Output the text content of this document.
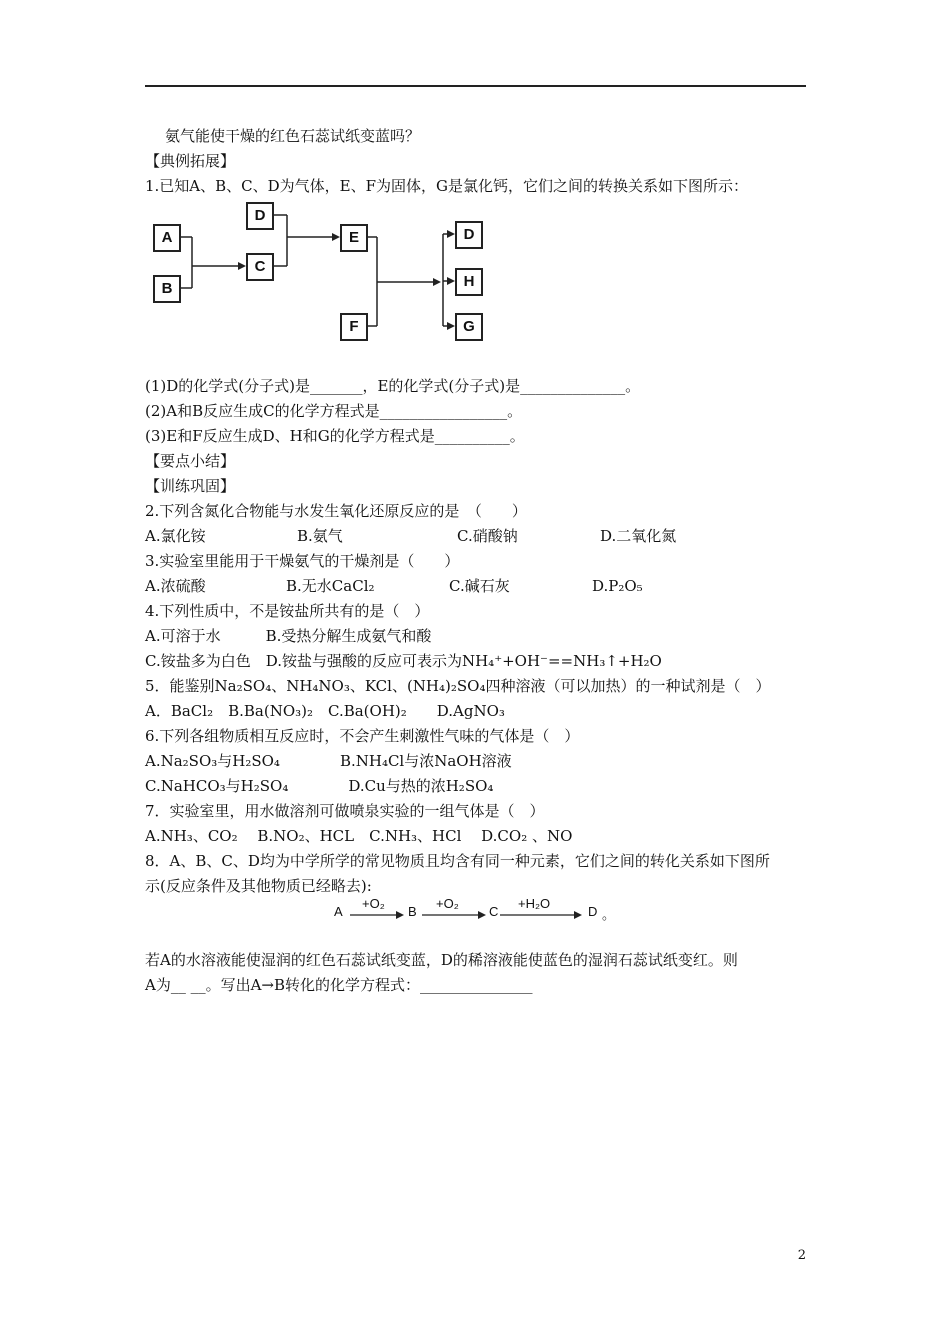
氨气能使干燥的红色石蕊试纸变蓝吗？
【典例拓展】
1.已知A、B、C、D为气体，E、F为固体，G是氯化钙，它们之间的转换关系如下图所示：
A
B
D
C
E
F
D
H
G
(1)D的化学式(分子式)是_______，E的化学式(分子式)是______________。
(2)A和B反应生成C的化学方程式是_________________。
(3)E和F反应生成D、H和G的化学方程式是__________。
【要点小结】
【训练巩固】
2.下列含氮化合物能与水发生氧化还原反应的是　（　　）
A.氯化铵	B.氨气	C.硝酸钠	D.二氧化氮
3.实验室里能用于干燥氨气的干燥剂是（　　）
A.浓硫酸	B.无水CaCl₂	C.碱石灰	D.P₂O₅
4.下列性质中，不是铵盐所共有的是（　）
A.可溶于水　　　B.受热分解生成氨气和酸
C.铵盐多为白色　D.铵盐与强酸的反应可表示为NH₄⁺+OH⁻==NH₃↑+H₂O
5．能鉴别Na₂SO₄、NH₄NO₃、KCl、(NH₄)₂SO₄四种溶液（可以加热）的一种试剂是（　）
A．BaCl₂　B.Ba(NO₃)₂　C.Ba(OH)₂　　D.AgNO₃
6.下列各组物质相互反应时，不会产生刺激性气味的气体是（　）
A.Na₂SO₃与H₂SO₄　　　　B.NH₄Cl与浓NaOH溶液
C.NaHCO₃与H₂SO₄　　　　D.Cu与热的浓H₂SO₄
7．实验室里，用水做溶剂可做喷泉实验的一组气体是（　）
A.NH₃、CO₂　 B.NO₂、HCL　C.NH₃、HCl　 D.CO₂ 、NO
8．A、B、C、D均为中学所学的常见物质且均含有同一种元素，它们之间的转化关系如下图所
示(反应条件及其他物质已经略去):
A
+O₂
B
+O₂
C
+H₂O
D 。
若A的水溶液能使湿润的红色石蕊试纸变蓝，D的稀溶液能使蓝色的湿润石蕊试纸变红。则
A为__ __。写出A→B转化的化学方程式：_______________
2
